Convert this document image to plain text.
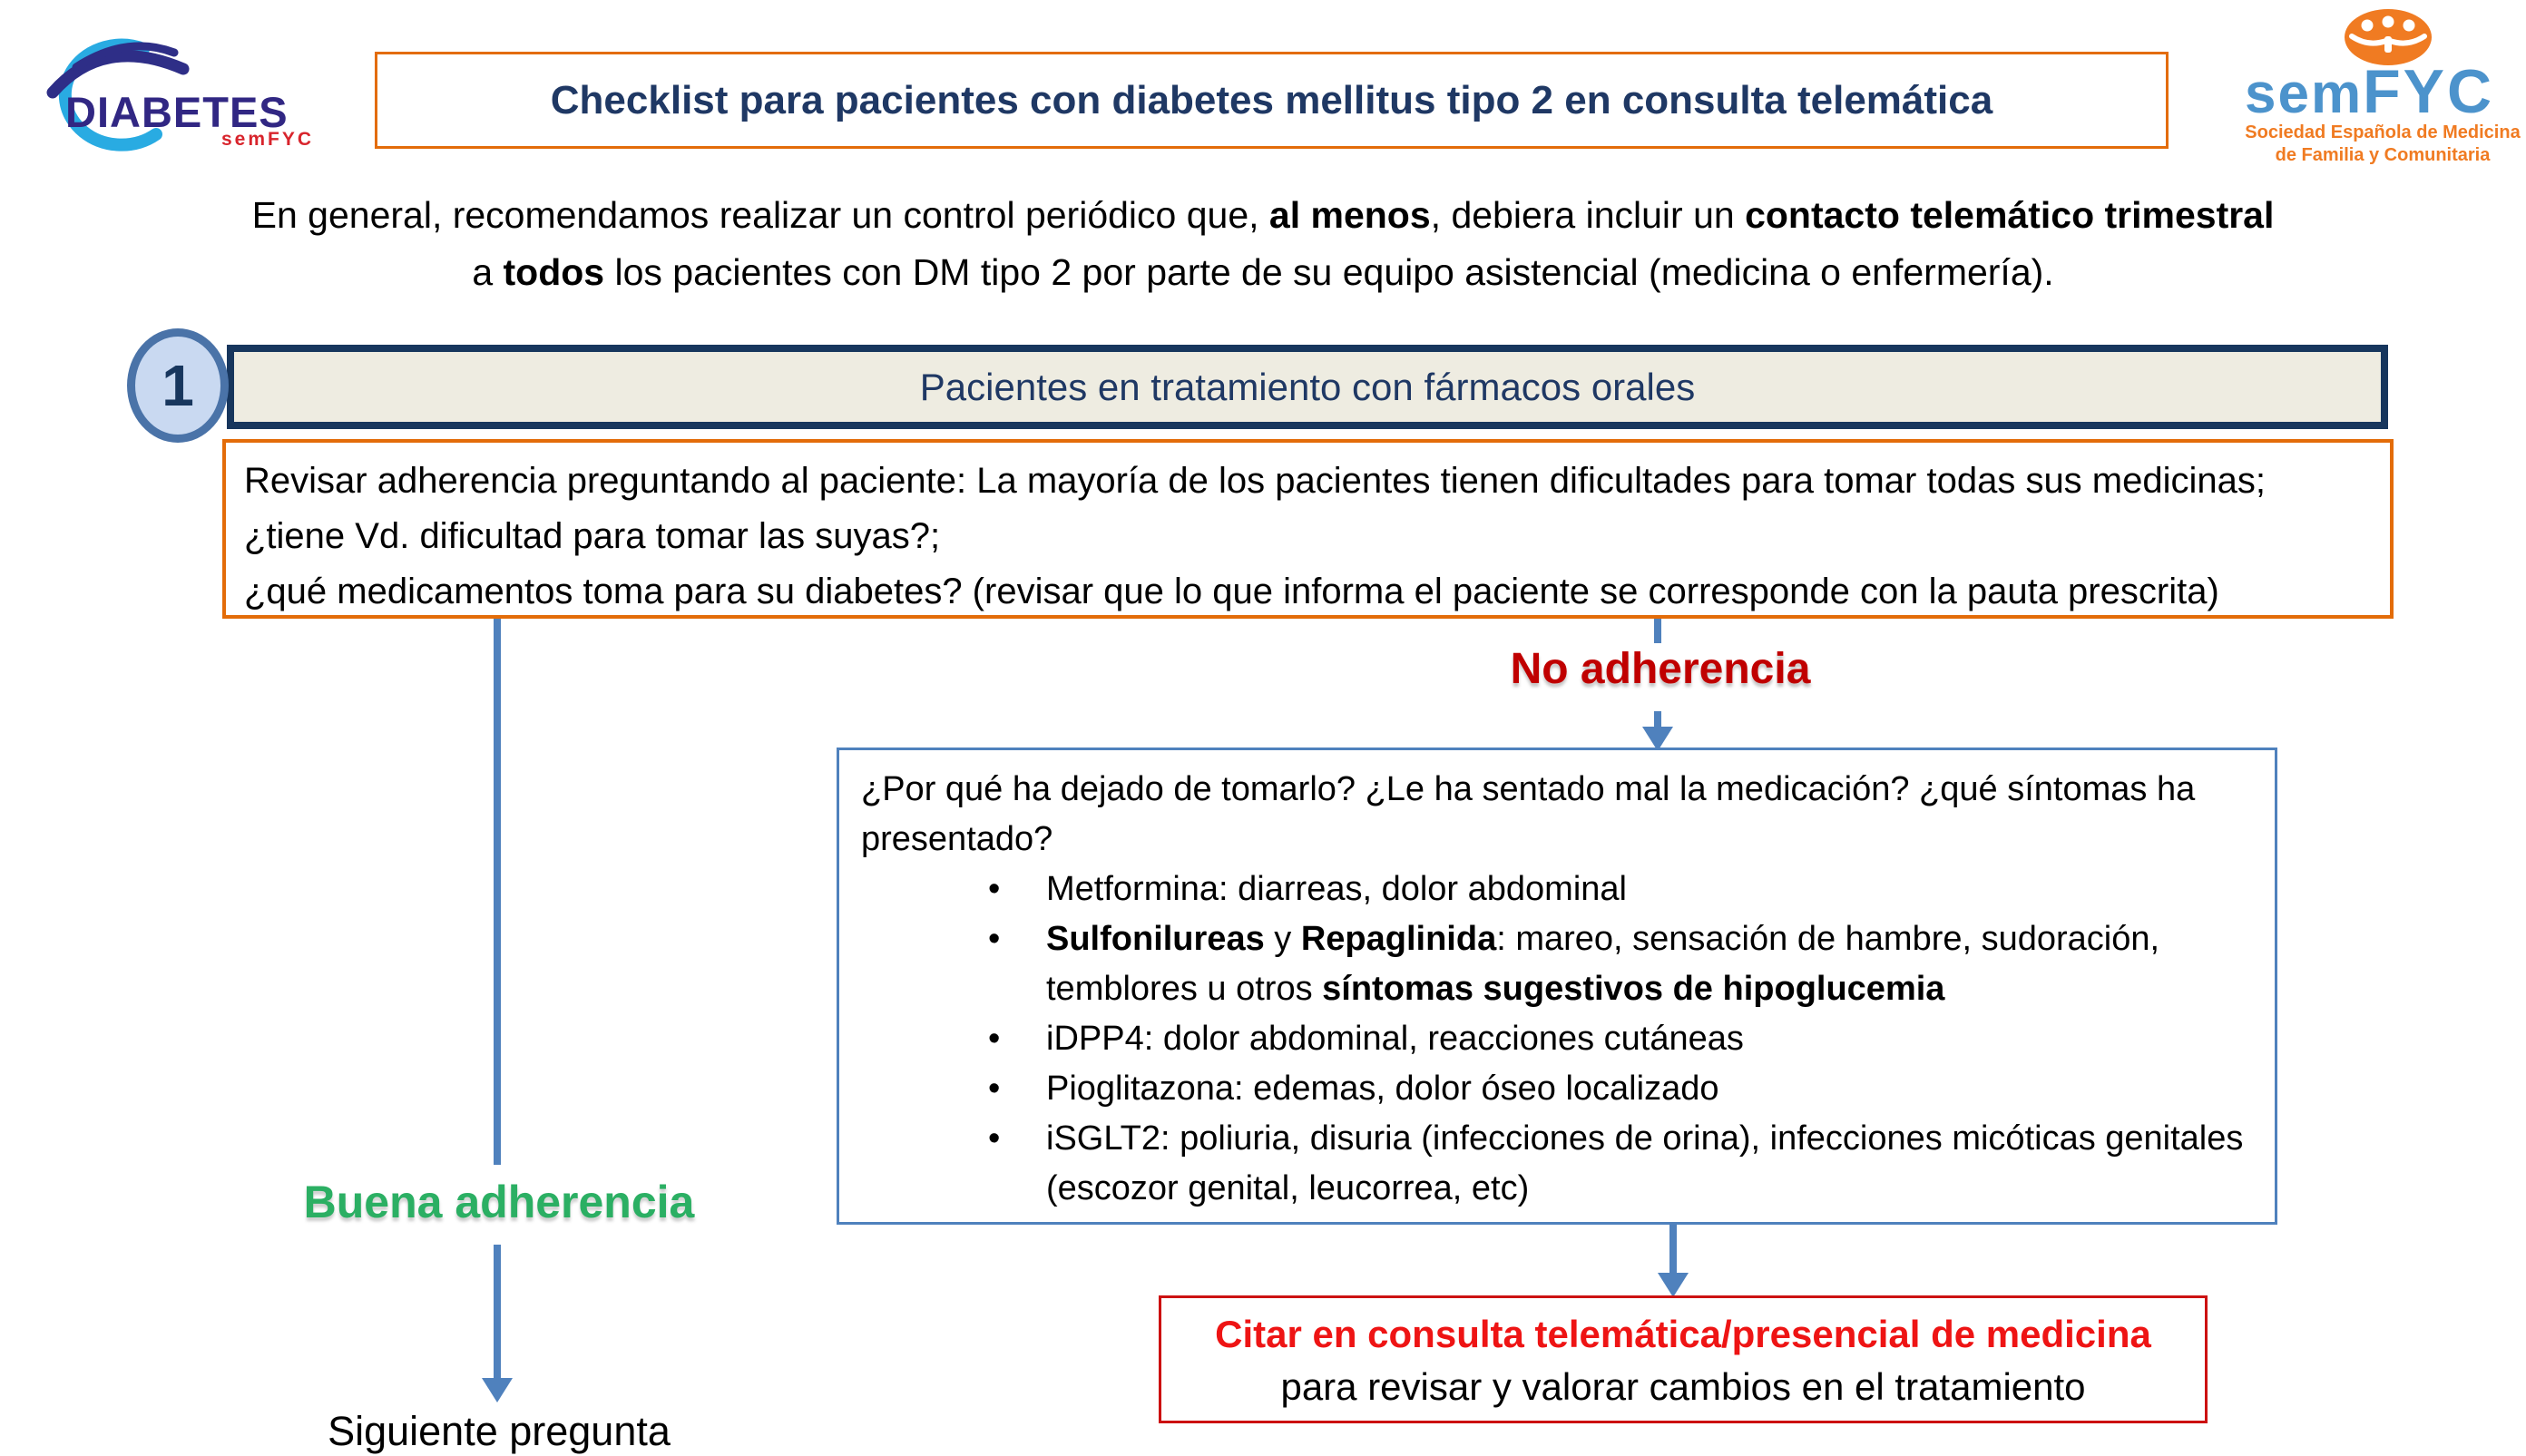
DIABETES
semFYC
Checklist para pacientes con diabetes mellitus tipo 2 en consulta telemática	semFYC
Sociedad Española de Medicina
de Familia y Comunitaria
En general, recomendamos realizar un control periódico que, al menos, debiera incluir un contacto telemático trimestral
a todos los pacientes con DM tipo 2 por parte de su equipo asistencial (medicina o enfermería).
1	Pacientes en tratamiento con fármacos orales
Revisar adherencia preguntando al paciente: La mayoría de los pacientes tienen dificultades para tomar todas sus medicinas;
¿tiene Vd. dificultad para tomar las suyas?;
¿qué medicamentos toma para su diabetes? (revisar que lo que informa el paciente se corresponde con la pauta prescrita)
No adherencia
Buena adherencia
Siguiente pregunta
¿Por qué ha dejado de tomarlo? ¿Le ha sentado mal la medicación? ¿qué síntomas ha
presentado?
• Metformina: diarreas, dolor abdominal
• Sulfonilureas y Repaglinida: mareo, sensación de hambre, sudoración,
temblores u otros síntomas sugestivos de hipoglucemia
• iDPP4: dolor abdominal, reacciones cutáneas
• Pioglitazona: edemas, dolor óseo localizado
• iSGLT2: poliuria, disuria (infecciones de orina), infecciones micóticas genitales
(escozor genital, leucorrea, etc)
Citar en consulta telemática/presencial de medicina
para revisar y valorar cambios en el tratamiento
